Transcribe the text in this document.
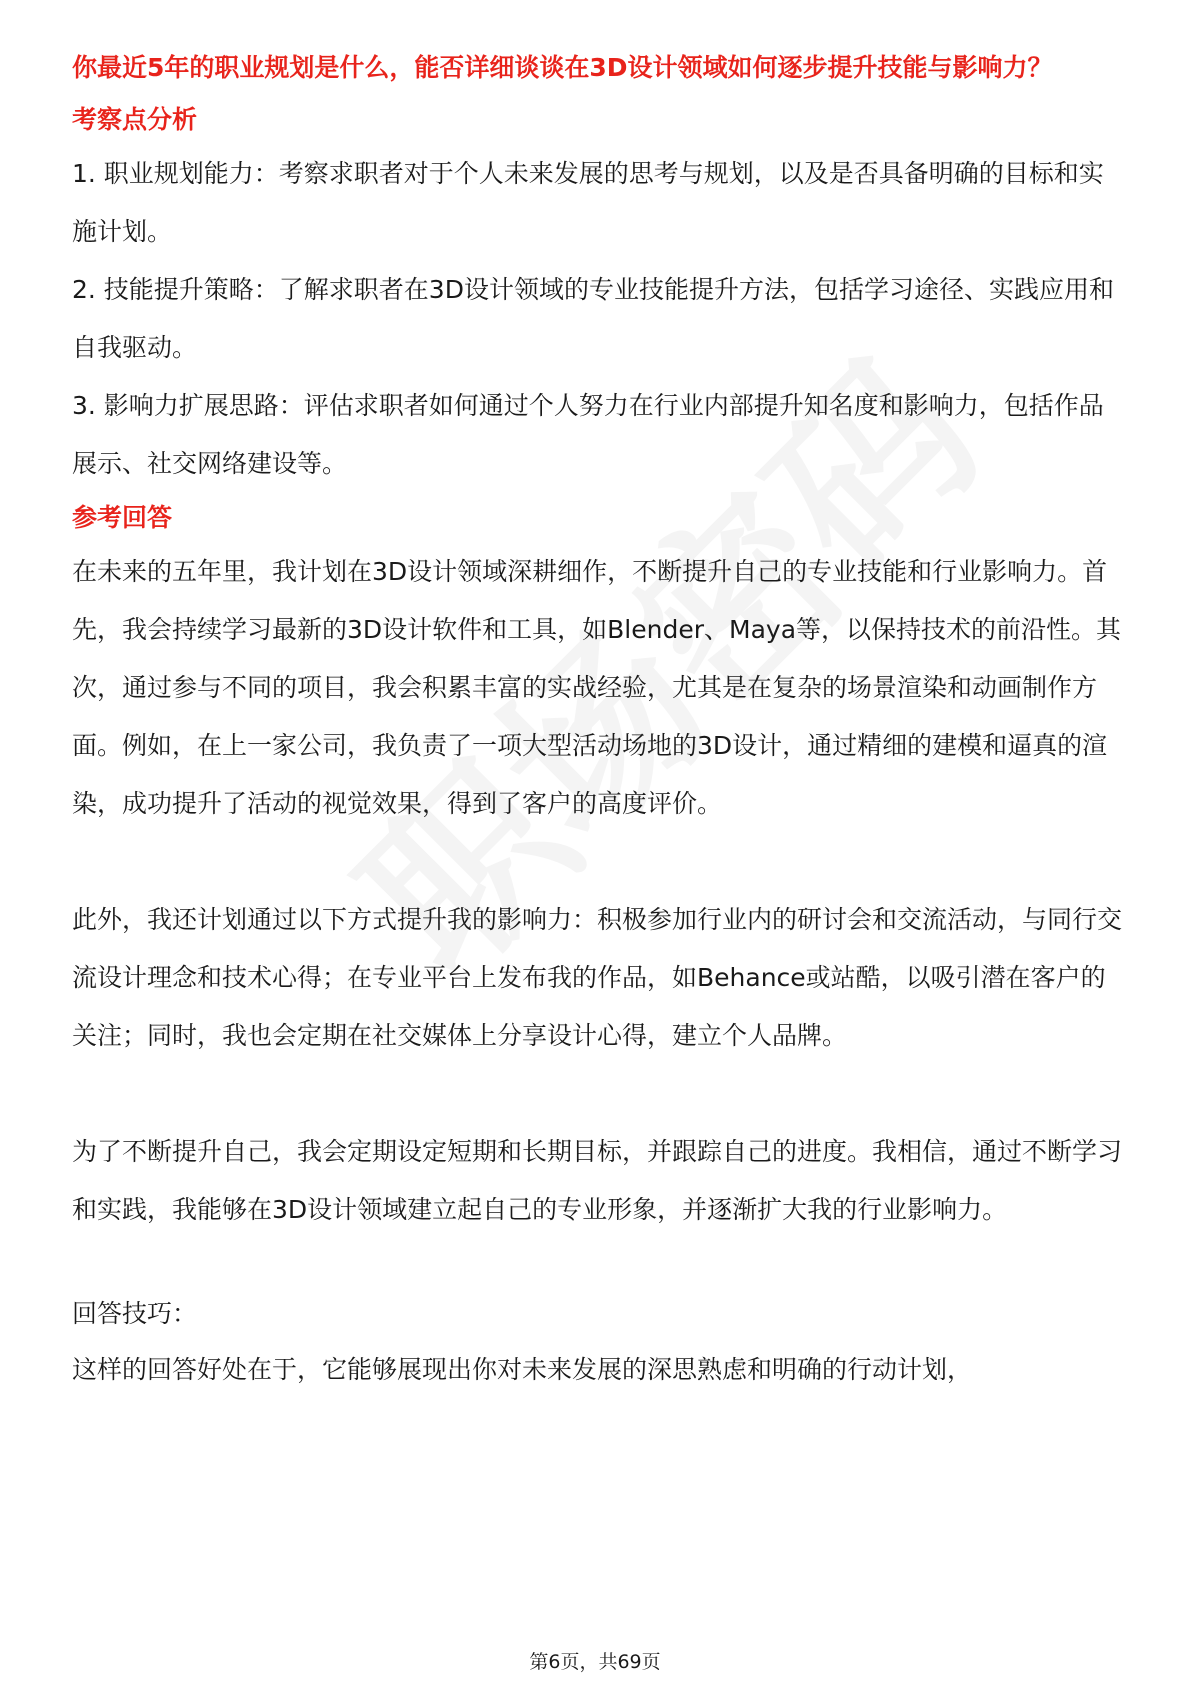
你最近5年的职业规划是什么，能否详细谈谈在3D设计领域如何逐步提升技能与影响力？

考察点分析

1. 职业规划能力：考察求职者对于个人未来发展的思考与规划，以及是否具备明确的目标和实施计划。

2. 技能提升策略：了解求职者在3D设计领域的专业技能提升方法，包括学习途径、实践应用和自我驱动。

3. 影响力扩展思路：评估求职者如何通过个人努力在行业内部提升知名度和影响力，包括作品展示、社交网络建设等。

参考回答

在未来的五年里，我计划在3D设计领域深耕细作，不断提升自己的专业技能和行业影响力。首先，我会持续学习最新的3D设计软件和工具，如Blender、Maya等，以保持技术的前沿性。其次，通过参与不同的项目，我会积累丰富的实战经验，尤其是在复杂的场景渲染和动画制作方面。例如，在上一家公司，我负责了一项大型活动场地的3D设计，通过精细的建模和逼真的渲染，成功提升了活动的视觉效果，得到了客户的高度评价。

此外，我还计划通过以下方式提升我的影响力：积极参加行业内的研讨会和交流活动，与同行交流设计理念和技术心得；在专业平台上发布我的作品，如Behance或站酷，以吸引潜在客户的关注；同时，我也会定期在社交媒体上分享设计心得，建立个人品牌。

为了不断提升自己，我会定期设定短期和长期目标，并跟踪自己的进度。我相信，通过不断学习和实践，我能够在3D设计领域建立起自己的专业形象，并逐渐扩大我的行业影响力。

回答技巧：

这样的回答好处在于，它能够展现出你对未来发展的深思熟虑和明确的行动计划，

第6页，共69页
